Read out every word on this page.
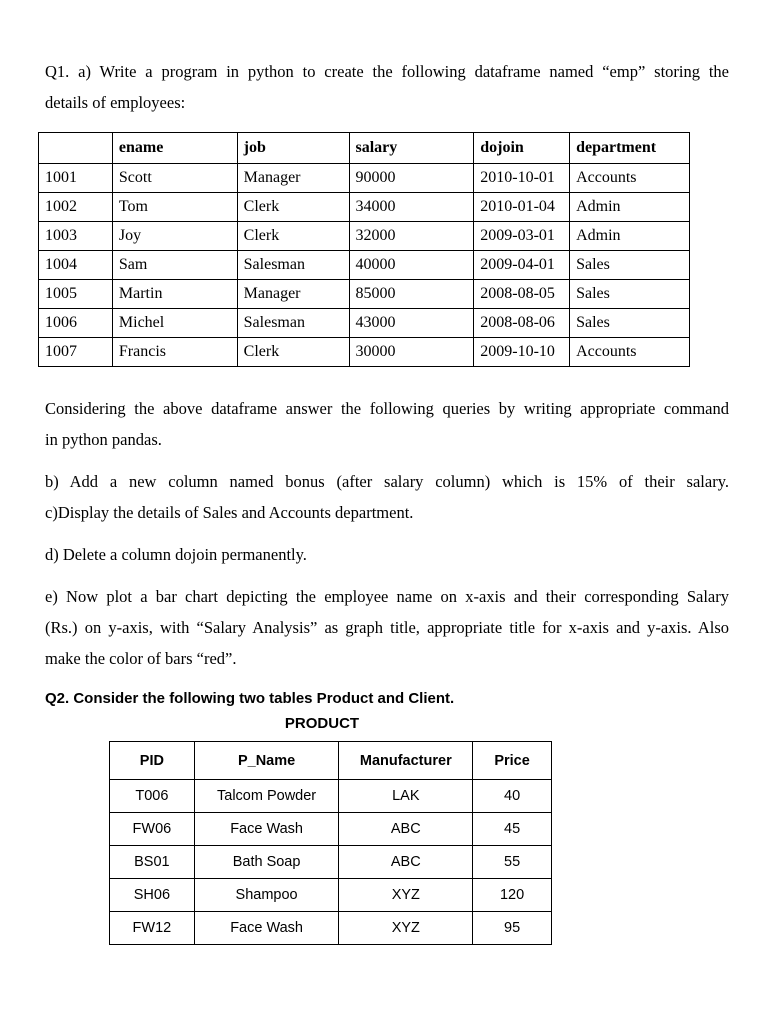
Q1. a) Write a program in python to create the following dataframe named “emp” storing the
details of employees:
	ename	job	salary	dojoin	department
1001	Scott	Manager	90000	2010-10-01	Accounts
1002	Tom	Clerk	34000	2010-01-04	Admin
1003	Joy	Clerk	32000	2009-03-01	Admin
1004	Sam	Salesman	40000	2009-04-01	Sales
1005	Martin	Manager	85000	2008-08-05	Sales
1006	Michel	Salesman	43000	2008-08-06	Sales
1007	Francis	Clerk	30000	2009-10-10	Accounts
Considering the above dataframe answer the following queries by writing appropriate command
in python pandas.
b) Add a new column named bonus (after salary column) which is 15% of their salary.
c)Display the details of Sales and Accounts department.
d) Delete a column dojoin permanently.
e) Now plot a bar chart depicting the employee name on x-axis and their corresponding Salary
(Rs.) on y-axis, with “Salary Analysis” as graph title, appropriate title for x-axis and y-axis. Also
make the color of bars “red”.
Q2. Consider the following two tables Product and Client.
PRODUCT
PID	P_Name	Manufacturer	Price
T006	Talcom Powder	LAK	40
FW06	Face Wash	ABC	45
BS01	Bath Soap	ABC	55
SH06	Shampoo	XYZ	120
FW12	Face Wash	XYZ	95
